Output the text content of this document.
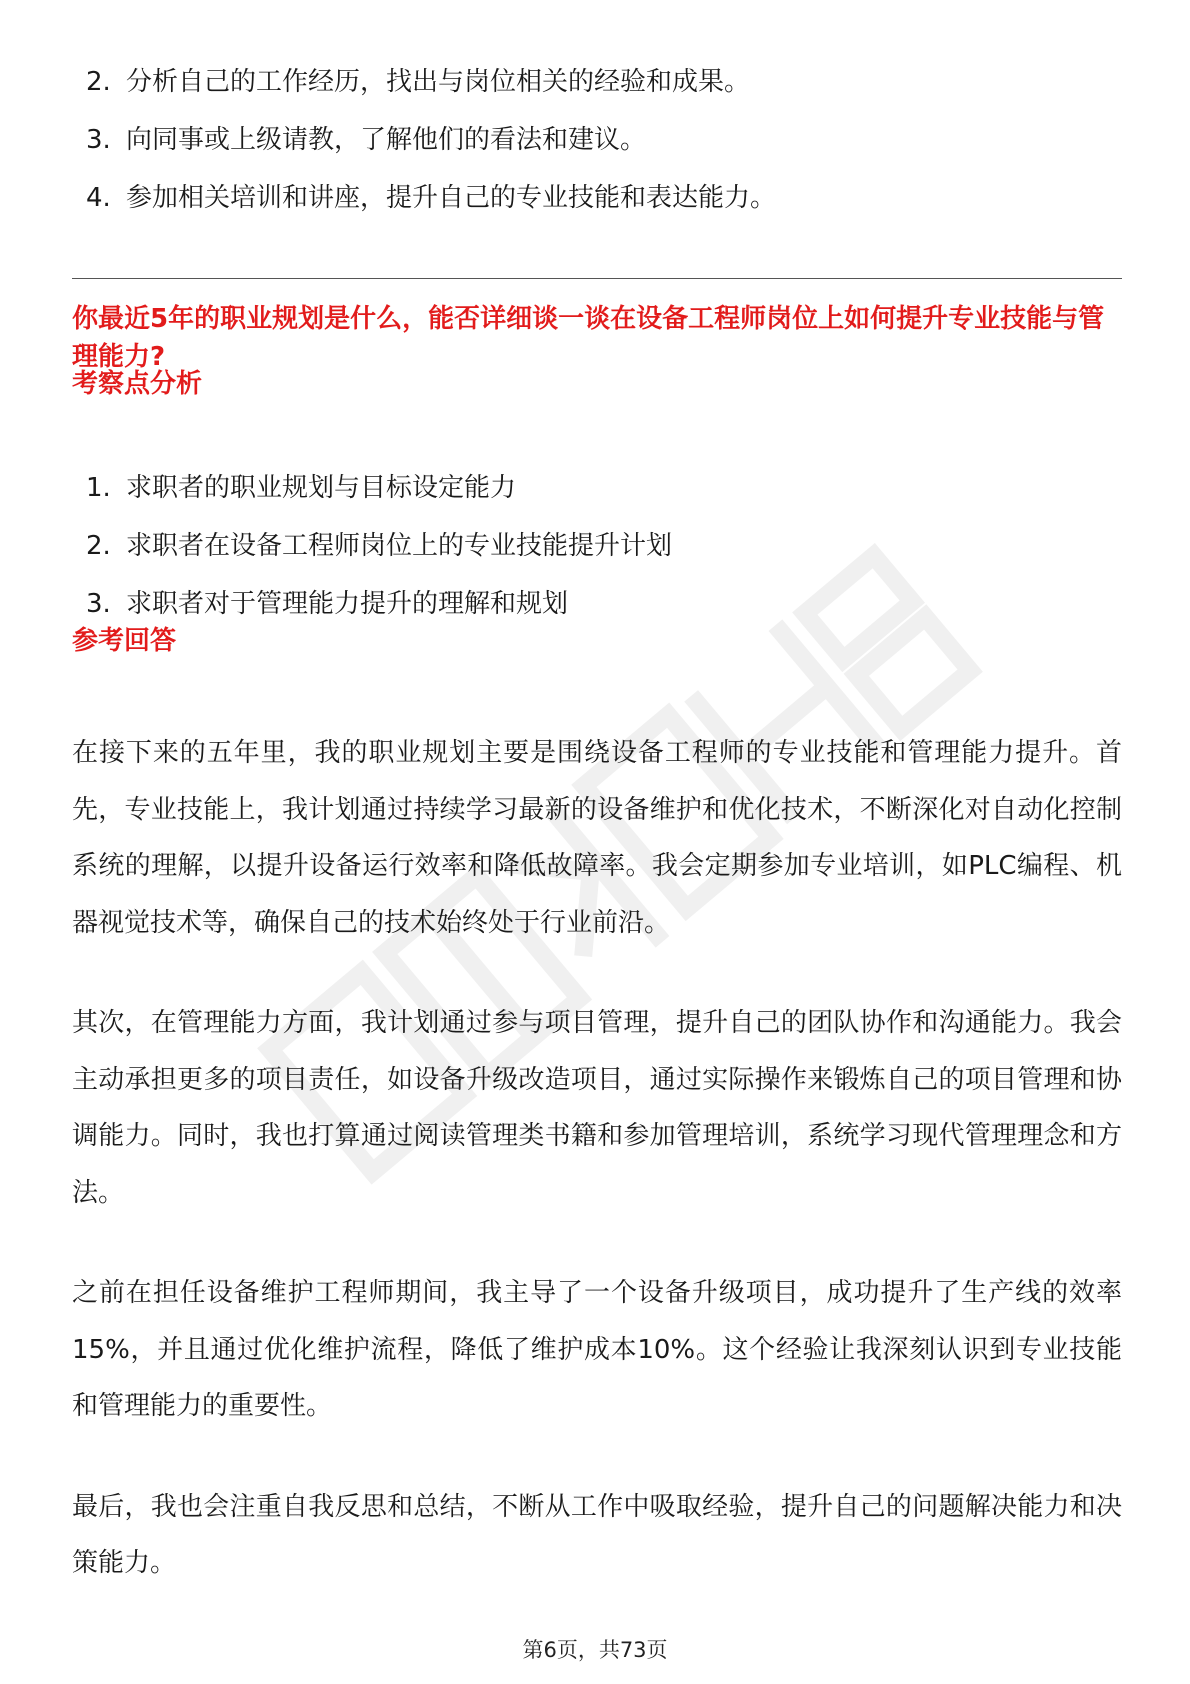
2. 分析自己的工作经历，找出与岗位相关的经验和成果。
3. 向同事或上级请教，了解他们的看法和建议。
4. 参加相关培训和讲座，提升自己的专业技能和表达能力。
你最近5年的职业规划是什么，能否详细谈一谈在设备工程师岗位上如何提升专业技能与管理能力?
考察点分析
1. 求职者的职业规划与目标设定能力
2. 求职者在设备工程师岗位上的专业技能提升计划
3. 求职者对于管理能力提升的理解和规划
参考回答

在接下来的五年里，我的职业规划主要是围绕设备工程师的专业技能和管理能力提升。首先，专业技能上，我计划通过持续学习最新的设备维护和优化技术，不断深化对自动化控制系统的理解，以提升设备运行效率和降低故障率。我会定期参加专业培训，如PLC编程、机器视觉技术等，确保自己的技术始终处于行业前沿。

其次，在管理能力方面，我计划通过参与项目管理，提升自己的团队协作和沟通能力。我会主动承担更多的项目责任，如设备升级改造项目，通过实际操作来锻炼自己的项目管理和协调能力。同时，我也打算通过阅读管理类书籍和参加管理培训，系统学习现代管理理念和方法。

之前在担任设备维护工程师期间，我主导了一个设备升级项目，成功提升了生产线的效率15%，并且通过优化维护流程，降低了维护成本10%。这个经验让我深刻认识到专业技能和管理能力的重要性。

最后，我也会注重自我反思和总结，不断从工作中吸取经验，提升自己的问题解决能力和决策能力。

第6页，共73页
